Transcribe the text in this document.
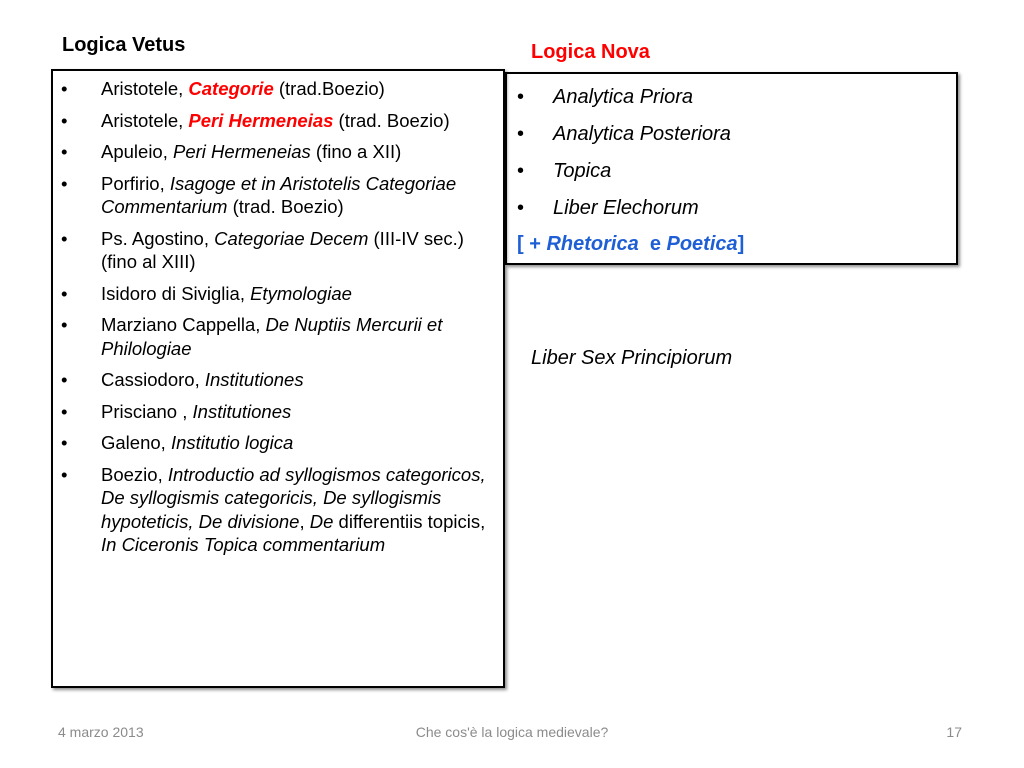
Logica Vetus	Logica Nova
• Aristotele, Categorie (trad.Boezio)
• Aristotele, Peri Hermeneias (trad. Boezio)
• Apuleio, Peri Hermeneias (fino a XII)
• Porfirio, Isagoge et in Aristotelis Categoriae Commentarium (trad. Boezio)
• Ps. Agostino, Categoriae Decem (III-IV sec.) (fino al XIII)
• Isidoro di Siviglia, Etymologiae
• Marziano Cappella, De Nuptiis Mercurii et Philologiae
• Cassiodoro, Institutiones
• Prisciano , Institutiones
• Galeno, Institutio logica
• Boezio, Introductio ad syllogismos categoricos, De syllogismis categoricis, De syllogismis hypoteticis, De divisione, De differentiis topicis, In Ciceronis Topica commentarium
• Analytica Priora
• Analytica Posteriora
• Topica
• Liber Elechorum

[ + Rhetorica  e Poetica]

Liber Sex Principiorum

4 marzo 2013	Che cos'è la logica medievale?	17
